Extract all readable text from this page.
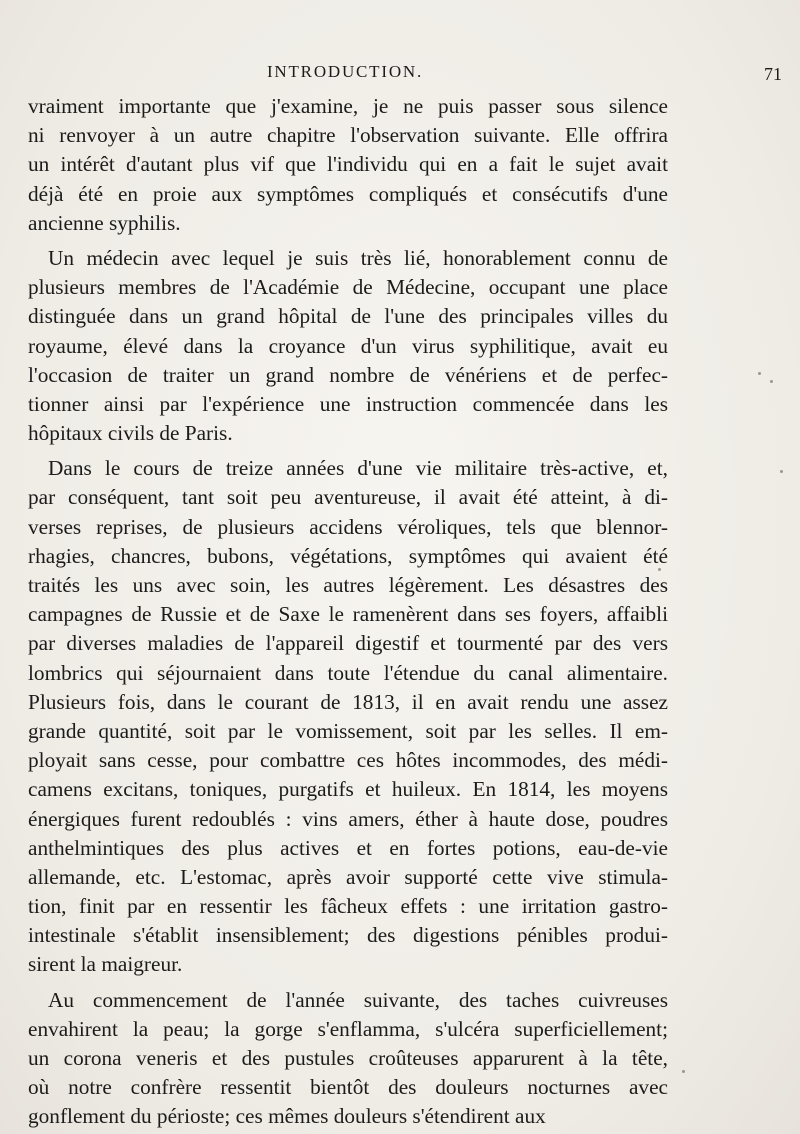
INTRODUCTION.	71
vraiment importante que j'examine, je ne puis passer sous silence
ni renvoyer à un autre chapitre l'observation suivante. Elle offrira
un intérêt d'autant plus vif que l'individu qui en a fait le sujet avait
déjà été en proie aux symptômes compliqués et consécutifs d'une
ancienne syphilis.
Un médecin avec lequel je suis très lié, honorablement connu de
plusieurs membres de l'Académie de Médecine, occupant une place
distinguée dans un grand hôpital de l'une des principales villes du
royaume, élevé dans la croyance d'un virus syphilitique, avait eu
l'occasion de traiter un grand nombre de vénériens et de perfec-
tionner ainsi par l'expérience une instruction commencée dans les
hôpitaux civils de Paris.
Dans le cours de treize années d'une vie militaire très-active, et,
par conséquent, tant soit peu aventureuse, il avait été atteint, à di-
verses reprises, de plusieurs accidens véroliques, tels que blennor-
rhagies, chancres, bubons, végétations, symptômes qui avaient été
traités les uns avec soin, les autres légèrement. Les désastres des
campagnes de Russie et de Saxe le ramenèrent dans ses foyers, affaibli
par diverses maladies de l'appareil digestif et tourmenté par des vers
lombrics qui séjournaient dans toute l'étendue du canal alimentaire.
Plusieurs fois, dans le courant de 1813, il en avait rendu une assez
grande quantité, soit par le vomissement, soit par les selles. Il em-
ployait sans cesse, pour combattre ces hôtes incommodes, des médi-
camens excitans, toniques, purgatifs et huileux. En 1814, les moyens
énergiques furent redoublés : vins amers, éther à haute dose, poudres
anthelmintiques des plus actives et en fortes potions, eau-de-vie
allemande, etc. L'estomac, après avoir supporté cette vive stimula-
tion, finit par en ressentir les fâcheux effets : une irritation gastro-
intestinale s'établit insensiblement; des digestions pénibles produi-
sirent la maigreur.
Au commencement de l'année suivante, des taches cuivreuses
envahirent la peau; la gorge s'enflamma, s'ulcéra superficiellement;
un corona veneris et des pustules croûteuses apparurent à la tête,
où notre confrère ressentit bientôt des douleurs nocturnes avec
gonflement du périoste; ces mêmes douleurs s'étendirent aux
